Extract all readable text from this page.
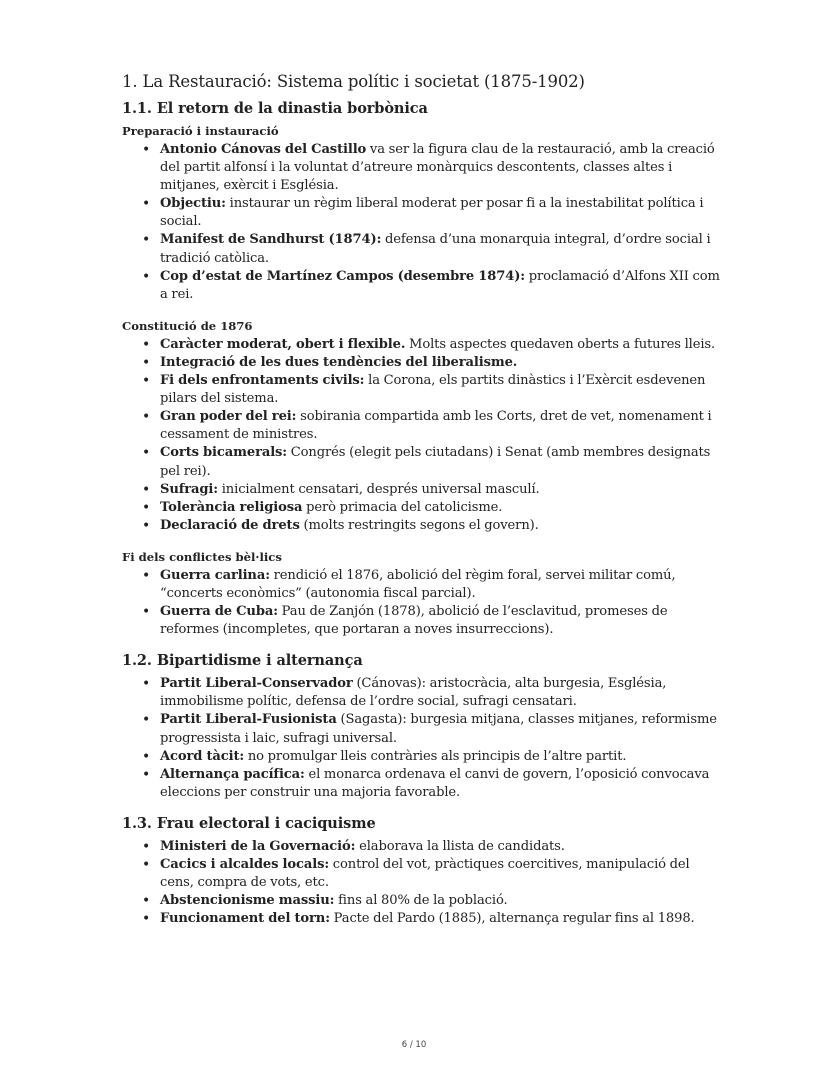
1. La Restauració: Sistema polític i societat (1875-1902)
1.1. El retorn de la dinastia borbònica
Preparació i instauració
• Antonio Cánovas del Castillo va ser la figura clau de la restauració, amb la creació del partit alfonsí i la voluntat d’atreure monàrquics descontents, classes altes i mitjanes, exèrcit i Església.
• Objectiu: instaurar un règim liberal moderat per posar fi a la inestabilitat política i social.
• Manifest de Sandhurst (1874): defensa d’una monarquia integral, d’ordre social i tradició catòlica.
• Cop d’estat de Martínez Campos (desembre 1874): proclamació d’Alfons XII com a rei.
Constitució de 1876
• Caràcter moderat, obert i flexible. Molts aspectes quedaven oberts a futures lleis.
• Integració de les dues tendències del liberalisme.
• Fi dels enfrontaments civils: la Corona, els partits dinàstics i l’Exèrcit esdevenen pilars del sistema.
• Gran poder del rei: sobirania compartida amb les Corts, dret de vet, nomenament i cessament de ministres.
• Corts bicamerals: Congrés (elegit pels ciutadans) i Senat (amb membres designats pel rei).
• Sufragi: inicialment censatari, després universal masculí.
• Tolerància religiosa però primacia del catolicisme.
• Declaració de drets (molts restringits segons el govern).
Fi dels conflictes bèl·lics
• Guerra carlina: rendició el 1876, abolició del règim foral, servei militar comú, “concerts econòmics” (autonomia fiscal parcial).
• Guerra de Cuba: Pau de Zanjón (1878), abolició de l’esclavitud, promeses de reformes (incompletes, que portaran a noves insurreccions).
1.2. Bipartidisme i alternança
• Partit Liberal-Conservador (Cánovas): aristocràcia, alta burgesia, Església, immobilisme polític, defensa de l’ordre social, sufragi censatari.
• Partit Liberal-Fusionista (Sagasta): burgesia mitjana, classes mitjanes, reformisme progressista i laic, sufragi universal.
• Acord tàcit: no promulgar lleis contràries als principis de l’altre partit.
• Alternança pacífica: el monarca ordenava el canvi de govern, l’oposició convocava eleccions per construir una majoria favorable.
1.3. Frau electoral i caciquisme
• Ministeri de la Governació: elaborava la llista de candidats.
• Cacics i alcaldes locals: control del vot, pràctiques coercitives, manipulació del cens, compra de vots, etc.
• Abstencionisme massiu: fins al 80% de la població.
• Funcionament del torn: Pacte del Pardo (1885), alternança regular fins al 1898.
6 / 10
